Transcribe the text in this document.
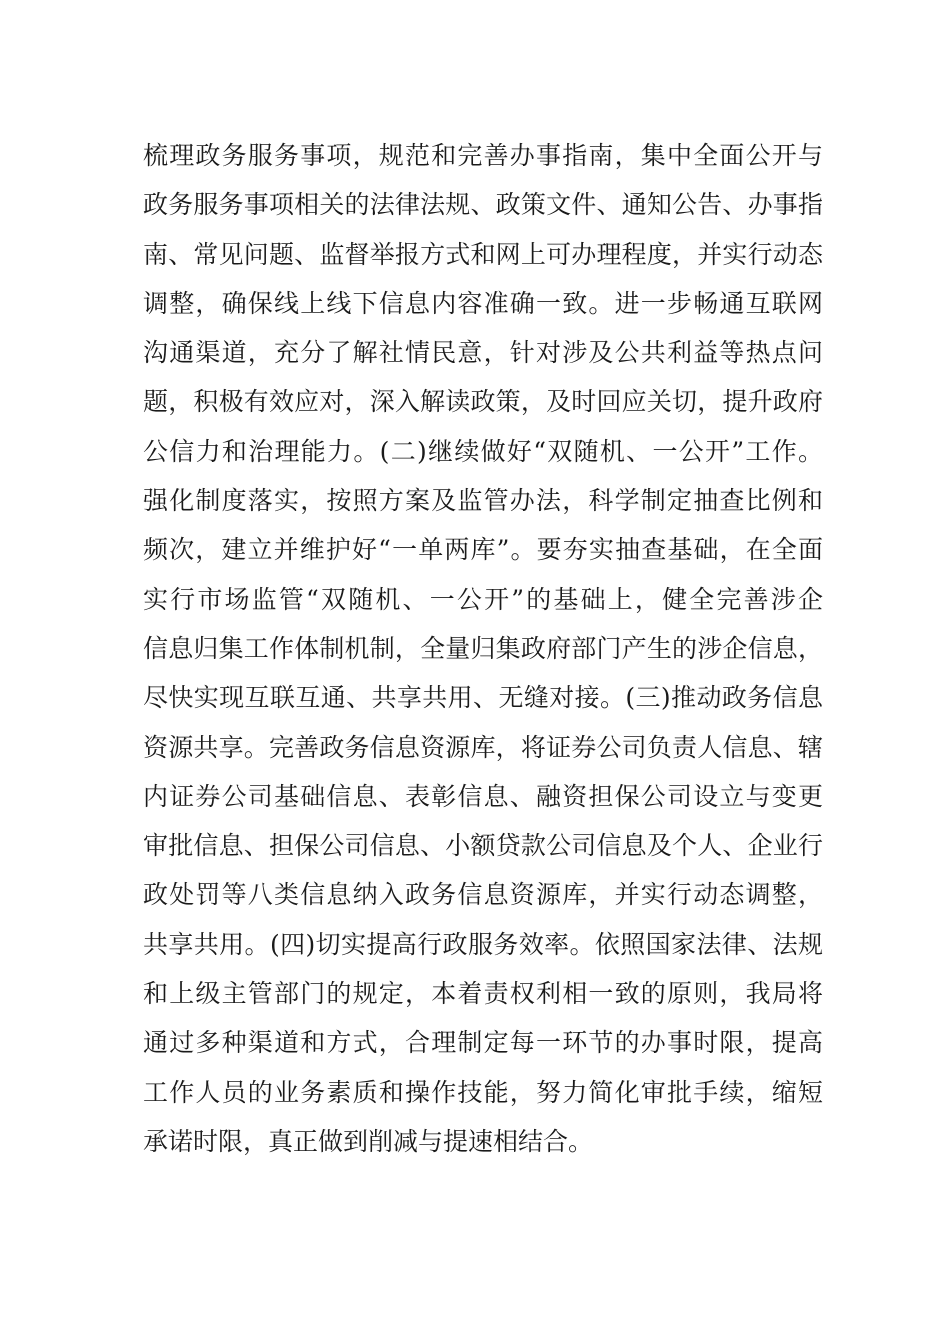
梳理政务服务事项，规范和完善办事指南，集中全面公开与
政务服务事项相关的法律法规、政策文件、通知公告、办事指
南、常见问题、监督举报方式和网上可办理程度，并实行动态
调整，确保线上线下信息内容准确一致。进一步畅通互联网
沟通渠道，充分了解社情民意，针对涉及公共利益等热点问
题，积极有效应对，深入解读政策，及时回应关切，提升政府
公信力和治理能力。(二)继续做好“双随机、一公开”工作。
强化制度落实，按照方案及监管办法，科学制定抽查比例和
频次，建立并维护好“一单两库”。要夯实抽查基础，在全面
实行市场监管“双随机、一公开”的基础上，健全完善涉企
信息归集工作体制机制，全量归集政府部门产生的涉企信息，
尽快实现互联互通、共享共用、无缝对接。(三)推动政务信息
资源共享。完善政务信息资源库，将证券公司负责人信息、辖
内证券公司基础信息、表彰信息、融资担保公司设立与变更
审批信息、担保公司信息、小额贷款公司信息及个人、企业行
政处罚等八类信息纳入政务信息资源库，并实行动态调整，
共享共用。(四)切实提高行政服务效率。依照国家法律、法规
和上级主管部门的规定，本着责权利相一致的原则，我局将
通过多种渠道和方式，合理制定每一环节的办事时限，提高
工作人员的业务素质和操作技能，努力简化审批手续，缩短
承诺时限，真正做到削减与提速相结合。
